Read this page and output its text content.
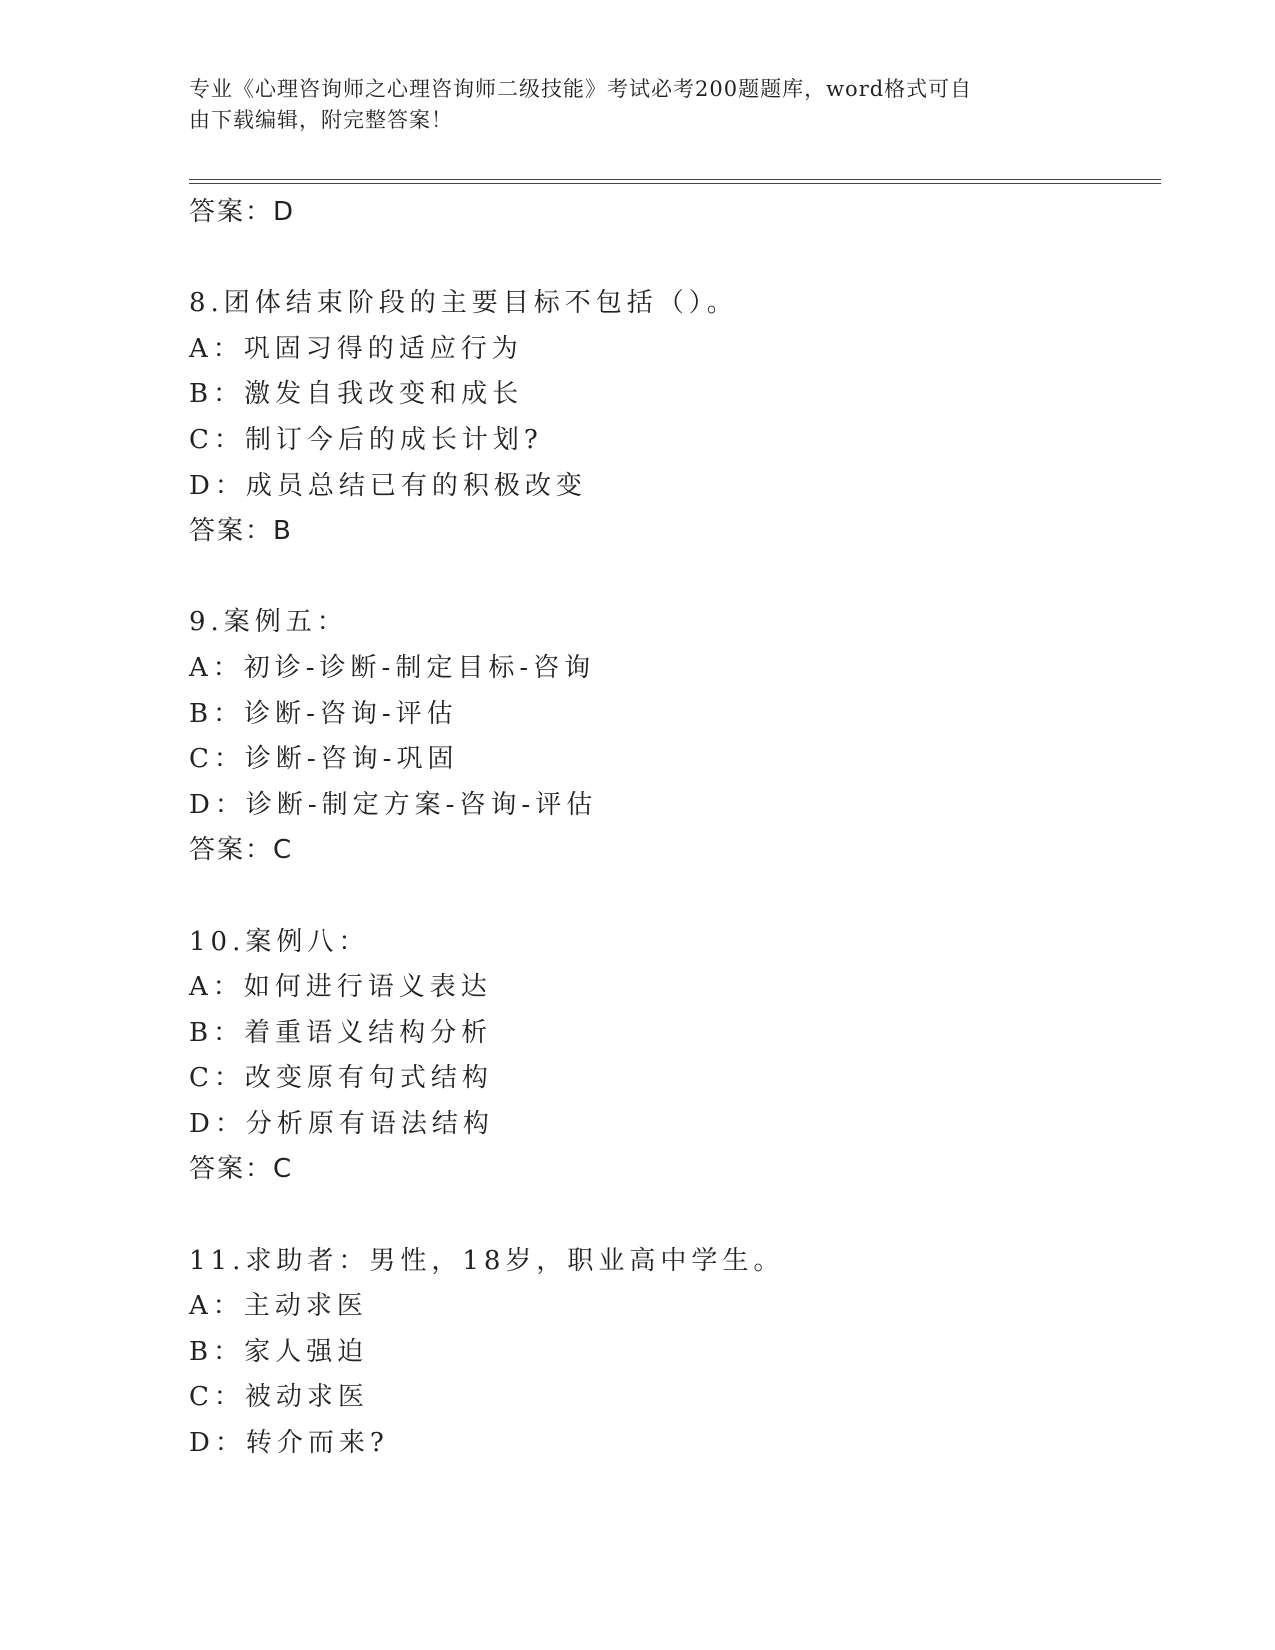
专业《心理咨询师之心理咨询师二级技能》考试必考200题题库，word格式可自
由下载编辑，附完整答案！
答案：D
8.团体结束阶段的主要目标不包括（）。
A：巩固习得的适应行为
B：激发自我改变和成长
C：制订今后的成长计划?
D：成员总结已有的积极改变
答案：B
9.案例五：
A：初诊-诊断-制定目标-咨询
B：诊断-咨询-评估
C：诊断-咨询-巩固
D：诊断-制定方案-咨询-评估
答案：C
10.案例八：
A：如何进行语义表达
B：着重语义结构分析
C：改变原有句式结构
D：分析原有语法结构
答案：C
11.求助者：男性，18岁，职业高中学生。
A：主动求医
B：家人强迫
C：被动求医
D：转介而来?
